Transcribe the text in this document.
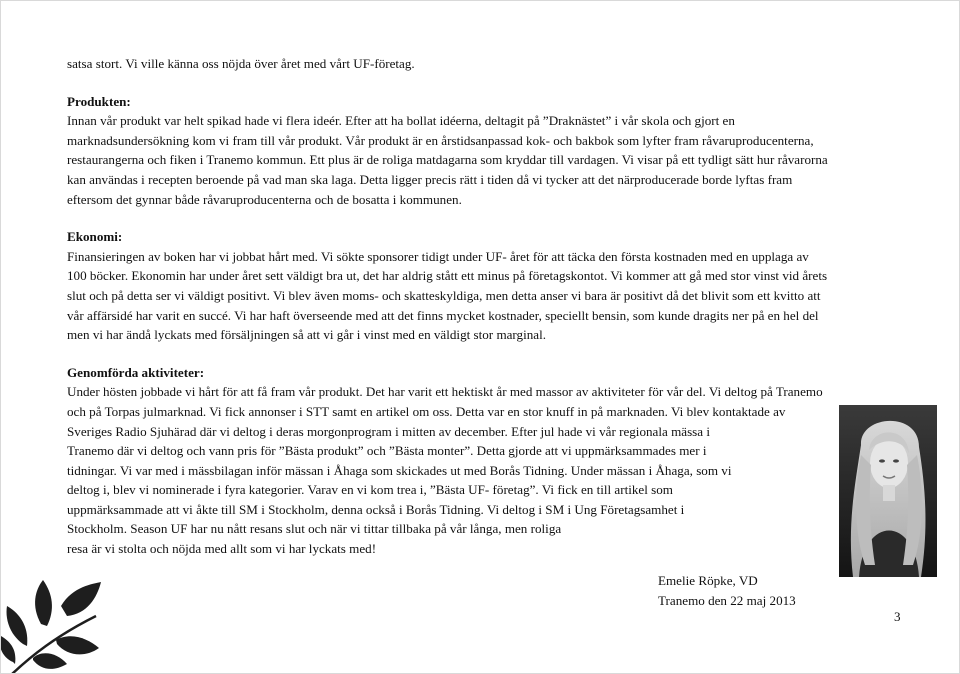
satsa stort. Vi ville känna oss nöjda över året med vårt UF-företag.

Produkten:

Innan vår produkt var helt spikad hade vi flera ideér. Efter att ha bollat idéerna, deltagit på ”Draknästet” i vår skola och gjort en

marknadsundersökning kom vi fram till vår produkt. Vår produkt är en årstidsanpassad kok- och bakbok som lyfter fram råvaruproducenterna,

restaurangerna och fiken i Tranemo kommun. Ett plus är de roliga matdagarna som kryddar till vardagen. Vi visar på ett tydligt sätt hur råvarorna

kan användas i recepten beroende på vad man ska laga. Detta ligger precis rätt i tiden då vi tycker att det närproducerade borde lyftas fram

eftersom det gynnar både råvaruproducenterna och de bosatta i kommunen.

Ekonomi:

Finansieringen av boken har vi jobbat hårt med. Vi sökte sponsorer tidigt under UF- året för att täcka den första kostnaden med en upplaga av

100 böcker. Ekonomin har under året sett väldigt bra ut, det har aldrig stått ett minus på företagskontot. Vi kommer att gå med stor vinst vid årets

slut och på detta ser vi väldigt positivt. Vi blev även moms- och skatteskyldiga, men detta anser vi bara är positivt då det blivit som ett kvitto att

vår affärsidé har varit en succé. Vi har haft överseende med att det finns mycket kostnader, speciellt bensin, som kunde dragits ner på en hel del

men vi har ändå lyckats med försäljningen så att vi går i vinst med en väldigt stor marginal.

Genomförda aktiviteter:

Under hösten jobbade vi hårt för att få fram vår produkt. Det har varit ett hektiskt år med massor av aktiviteter för vår del. Vi deltog på Tranemo

och på Torpas julmarknad. Vi fick annonser i STT samt en artikel om oss. Detta var en stor knuff in på marknaden. Vi blev kontaktade av

Sveriges Radio Sjuhärad där vi deltog i deras morgonprogram i mitten av december. Efter jul hade vi vår regionala mässa i

Tranemo där vi deltog och vann pris för ”Bästa produkt” och ”Bästa monter”. Detta gjorde att vi uppmärksammades mer i

tidningar. Vi var med i mässbilagan inför mässan i Åhaga som skickades ut med Borås Tidning. Under mässan i Åhaga, som vi

deltog i, blev vi nominerade i fyra kategorier. Varav en vi kom trea i, ”Bästa UF- företag”. Vi fick en till artikel som

uppmärksammade att vi åkte till SM i Stockholm, denna också i Borås Tidning. Vi deltog i SM i Ung Företagsamhet i

Stockholm. Season UF har nu nått resans slut och när vi tittar tillbaka på vår långa, men roliga

resa är vi stolta och nöjda med allt som vi har lyckats med!

Emelie Röpke, VD
Tranemo den 22 maj 2013
3
